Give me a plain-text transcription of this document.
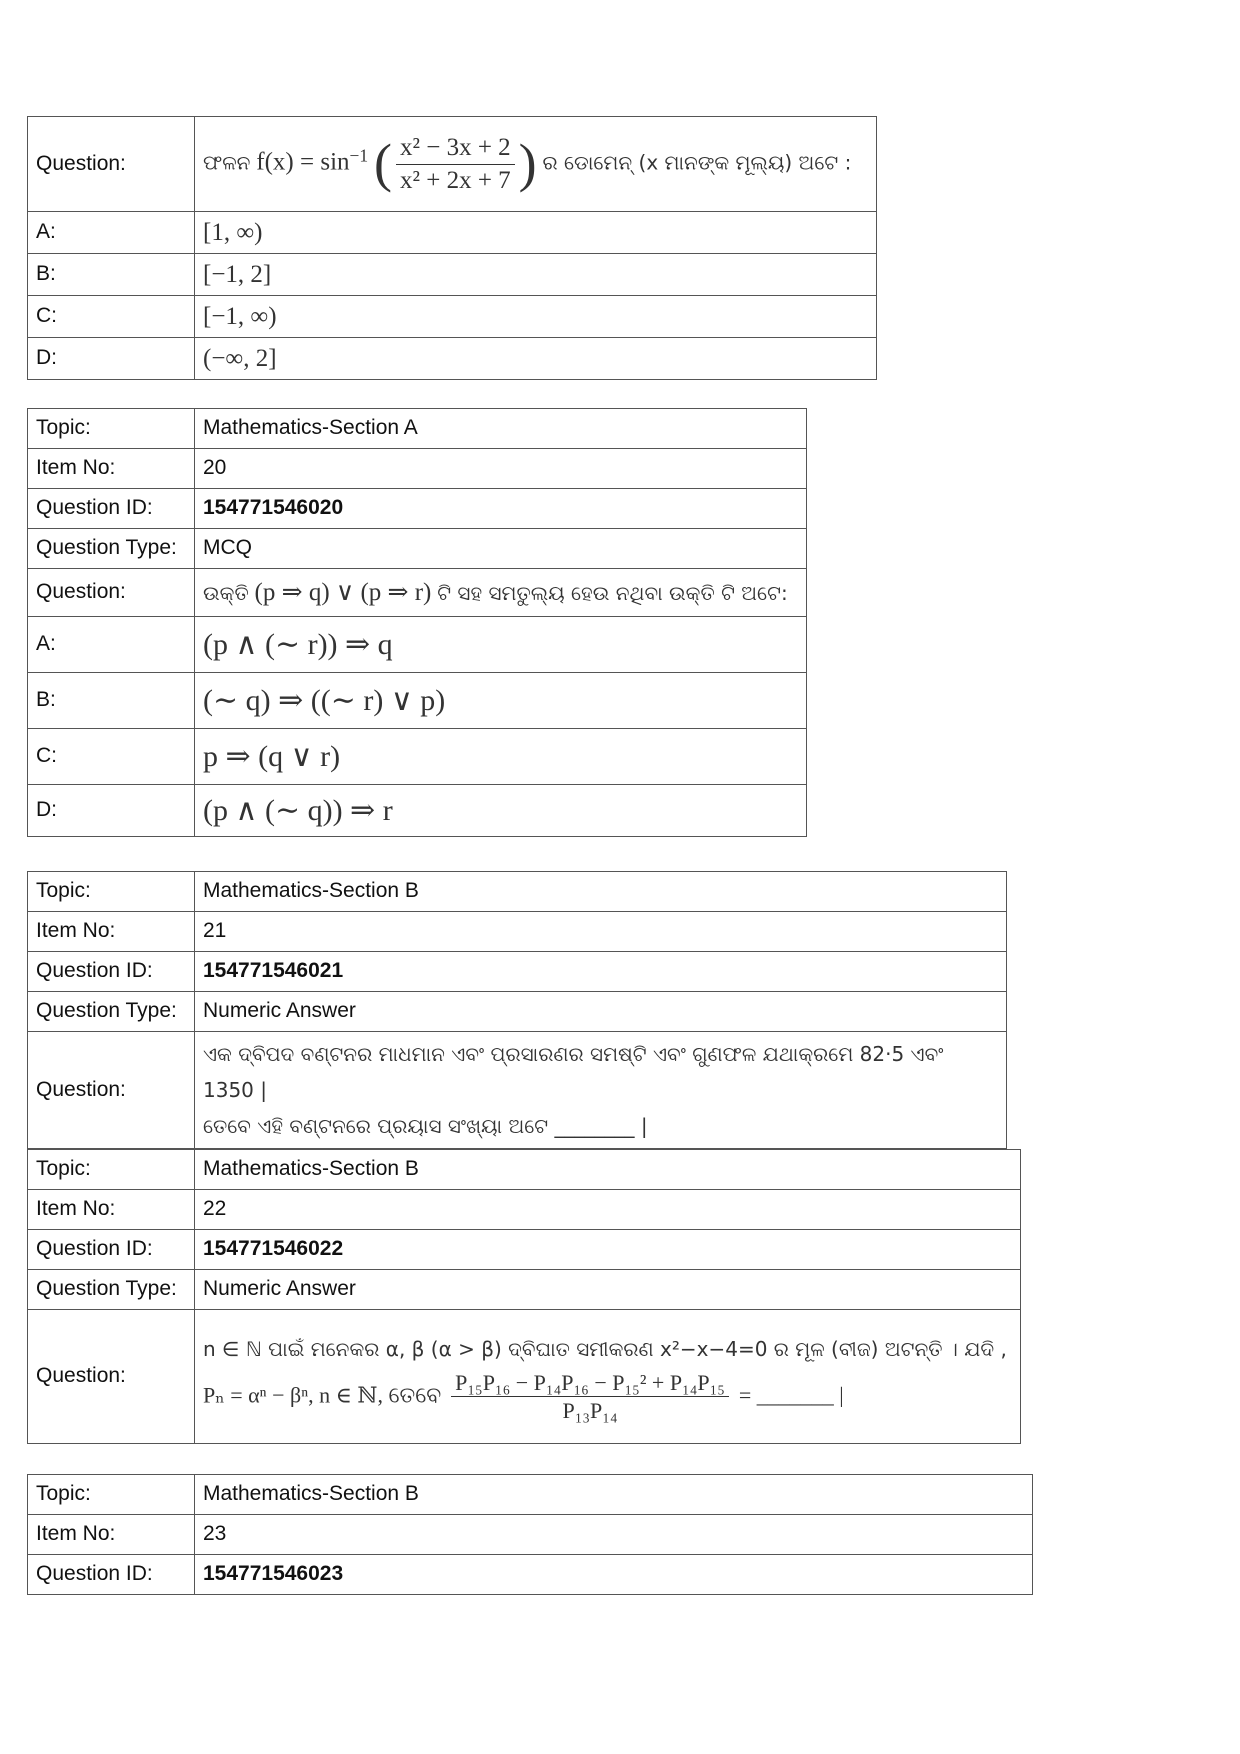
Question:	ଫଳନ $f(x) = \sin^{-1}$ ( $\frac{\text{x² − 3x + 2}}{\text{x² + 2x + 7}}$ ) ର ଡୋମେନ୍ (x ମାନଙ୍କ ମୂଲ୍ୟ) ଅଟେ :
A:	[1, ∞)
B:	[−1, 2]
C:	[−1, ∞)
D:	(−∞, 2]
Topic:	Mathematics-Section A
Item No:	20
Question ID:	154771546020
Question Type:	MCQ
Question:	ଉକ୍ତି (p ⇒ q) ∨ (p ⇒ r) ଟି ସହ ସମତୁଲ୍ୟ ହେଉ ନଥିବା ଉକ୍ତି ଟି ଅଟେ:
A:	(p ∧ (∼ r)) ⇒ q
B:	(∼ q) ⇒ ((∼ r) ∨ p)
C:	p ⇒ (q ∨ r)
D:	(p ∧ (∼ q)) ⇒ r
Topic:	Mathematics-Section B
Item No:	21
Question ID:	154771546021
Question Type:	Numeric Answer
Question:	ଏକ ଦ୍ବିପଦ ବଣ୍ଟନର ମାଧମାନ ଏବଂ ପ୍ରସାରଣର ସମଷ୍ଟି ଏବଂ ଗୁଣଫଳ ଯଥାକ୍ରମେ 82·5 ଏବଂ 1350 |
ତେବେ ଏହି ବଣ୍ଟନରେ ପ୍ରୟାସ ସଂଖ୍ୟା ଅଟେ ________ |
Topic:	Mathematics-Section B
Item No:	22
Question ID:	154771546022
Question Type:	Numeric Answer
Question:	n ∈ ℕ ପାଇଁ ମନେକର α, β (α > β) ଦ୍ବିଘାତ ସମୀକରଣ x²−x−4=0 ର ମୂଳ (ବୀଜ) ଅଟନ୍ତି । ଯଦି ,
Pₙ = αⁿ − βⁿ, n ∈ ℕ, ତେବେ $\frac{\text{P₁₅P₁₆ − P₁₄P₁₆ − P₁₅² + P₁₄P₁₅}}{\text{P₁₃P₁₄}}$ = _______ |
Topic:	Mathematics-Section B
Item No:	23
Question ID:	154771546023
